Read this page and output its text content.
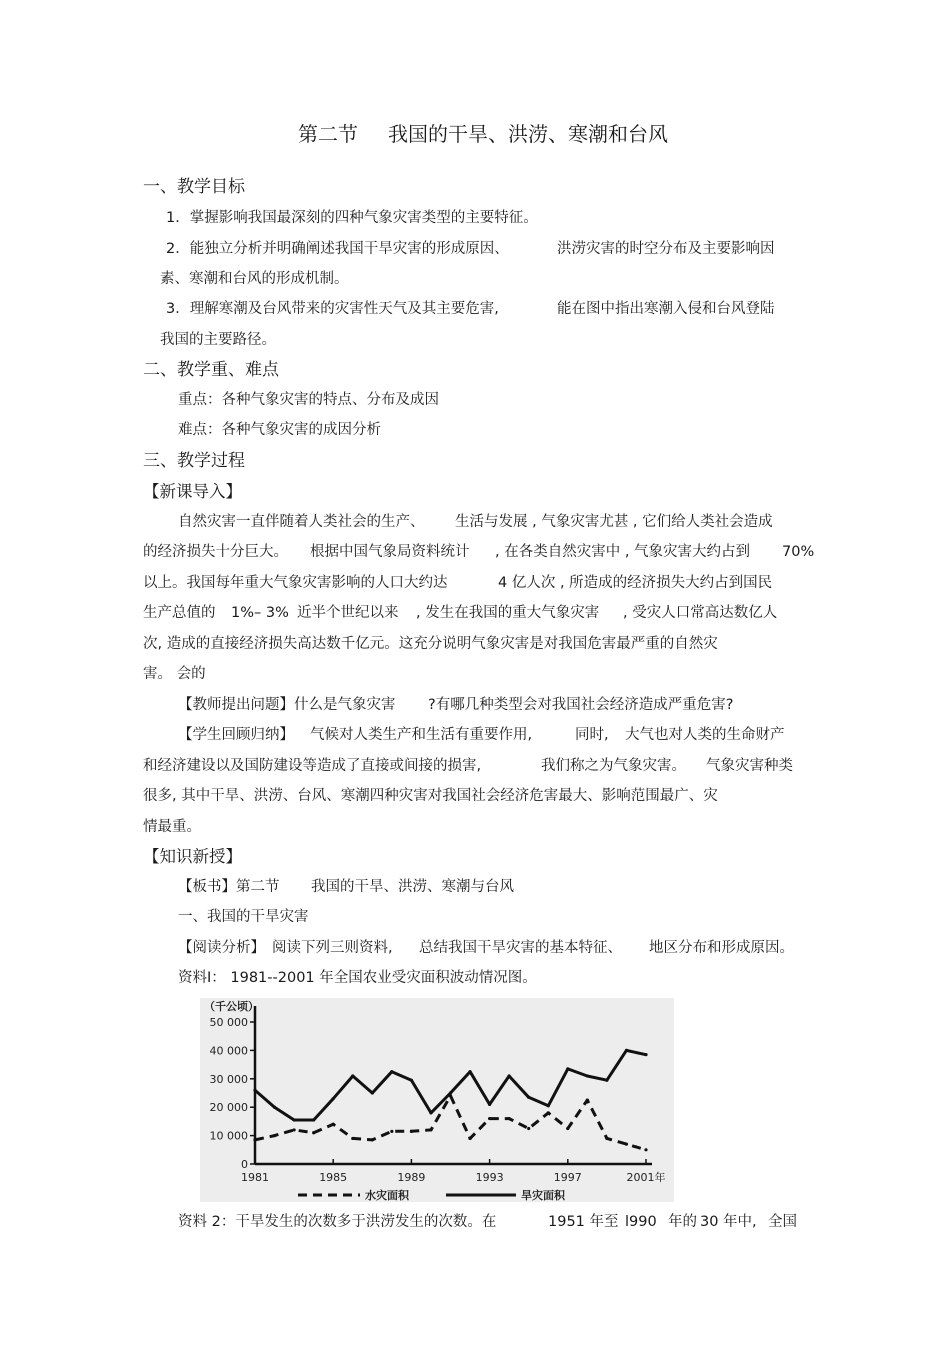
第二节 我国的干旱、洪涝、寒潮和台风
一、教学目标
1．掌握影响我国最深刻的四种气象灾害类型的主要特征。
2．能独立分析并明确阐述我国干旱灾害的形成原因、	洪涝灾害的时空分布及主要影响因
素、寒潮和台风的形成机制。
3．理解寒潮及台风带来的灾害性天气及其主要危害,	能在图中指出寒潮入侵和台风登陆
我国的主要路径。
二、教学重、难点
重点：各种气象灾害的特点、分布及成因
难点：各种气象灾害的成因分析
三、教学过程
【新课导入】
自然灾害一直伴随着人类社会的生产、 生活与发展 , 气象灾害尤甚 , 它们给人类社会造成
的经济损失十分巨大。 根据中国气象局资料统计 , 在各类自然灾害中 , 气象灾害大约占到 70%
以上。我国每年重大气象灾害影响的人口大约达	4 亿人次 , 所造成的经济损失大约占到国民
生产总值的 1%– 3% 近半个世纪以来 , 发生在我国的重大气象灾害 , 受灾人口常高达数亿人
次, 造成的直接经济损失高达数千亿元。这充分说明气象灾害是对我国危害最严重的自然灾
害。 会的
【教师提出问题】什么是气象灾害 ?有哪几种类型会对我国社会经济造成严重危害?
【学生回顾归纳】 气候对人类生产和生活有重要作用,	同时, 大气也对人类的生命财产
和经济建设以及国防建设等造成了直接或间接的损害,	我们称之为气象灾害。 气象灾害种类
很多, 其中干旱、洪涝、台风、寒潮四种灾害对我国社会经济危害最大、影响范围最广、灾
情最重。
【知识新授】
【板书】第二节 我国的干旱、洪涝、寒潮与台风
一、我国的干旱灾害
【阅读分析】 阅读下列三则资料, 总结我国干旱灾害的基本特征、 地区分布和形成原因。
资料Ⅰ： 1981--2001 年全国农业受灾面积波动情况图。
（千公顷）
50 000
40 000
30 000
20 000
10 000
0
1981	1985	1989	1993	1997	2001年
水灾面积	旱灾面积
资料 2：干旱发生的次数多于洪涝发生的次数。在	1951 年至 l990 年的 30 年中, 全国
